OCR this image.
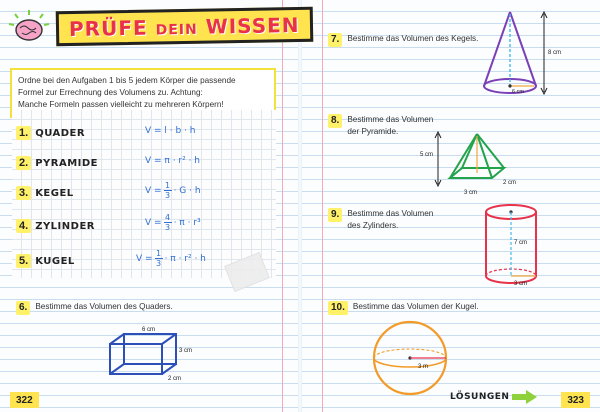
PRÜFE DEIN WISSEN
Ordne bei den Aufgaben 1 bis 5 jedem Körper die passende
Formel zur Errechnung des Volumens zu. Achtung:
Manche Formeln passen vielleicht zu mehreren Körpern!
1. QUADER
2. PYRAMIDE
3. KEGEL
4. ZYLINDER
5. KUGEL
V = l · b · h
V = π · r² · h
$V = \frac{1}{3} \cdot G \cdot h$
$V = \frac{4}{3} \cdot \pi \cdot r^3$
$V = \frac{1}{3} \cdot \pi \cdot r^2 \cdot h$
6. Bestimme das Volumen des Quaders.
6 cm
3 cm
2 cm
7. Bestimme das Volumen des Kegels.
8 cm
6 cm
8. Bestimme das Volumen
der Pyramide.
5 cm
2 cm
3 cm
9. Bestimme das Volumen
des Zylinders.
7 cm
3 cm
10. Bestimme das Volumen der Kugel.
3 m
322	323
LÖSUNGEN
